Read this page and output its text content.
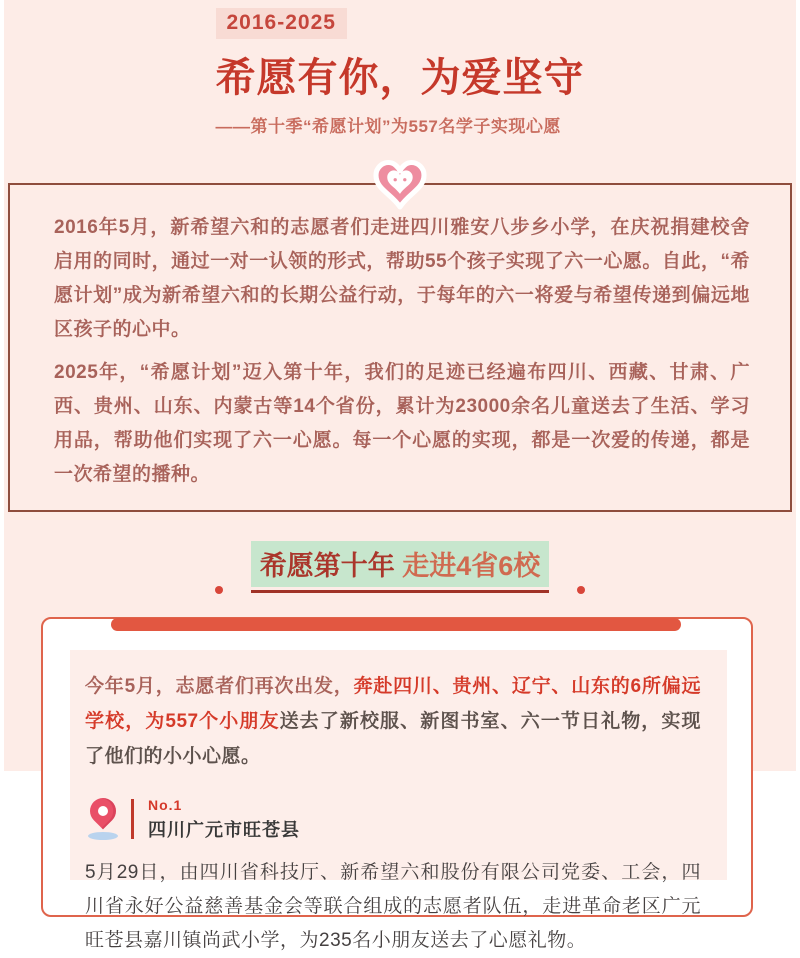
2016-2025
希愿有你，为爱坚守
——第十季“希愿计划”为557名学子实现心愿

2016年5月，新希望六和的志愿者们走进四川雅安八步乡小学，在庆祝捐建校舍启用的同时，通过一对一认领的形式，帮助55个孩子实现了六一心愿。自此，“希愿计划”成为新希望六和的长期公益行动，于每年的六一将爱与希望传递到偏远地区孩子的心中。

2025年，“希愿计划”迈入第十年，我们的足迹已经遍布四川、西藏、甘肃、广西、贵州、山东、内蒙古等14个省份，累计为23000余名儿童送去了生活、学习用品，帮助他们实现了六一心愿。每一个心愿的实现，都是一次爱的传递，都是一次希望的播种。

希愿第十年 走进4省6校

今年5月，志愿者们再次出发，奔赴四川、贵州、辽宁、山东的6所偏远学校，为557个小朋友送去了新校服、新图书室、六一节日礼物，实现了他们的小小心愿。

No.1
四川广元市旺苍县

5月29日，由四川省科技厅、新希望六和股份有限公司党委、工会，四川省永好公益慈善基金会等联合组成的志愿者队伍，走进革命老区广元旺苍县嘉川镇尚武小学，为235名小朋友送去了心愿礼物。
